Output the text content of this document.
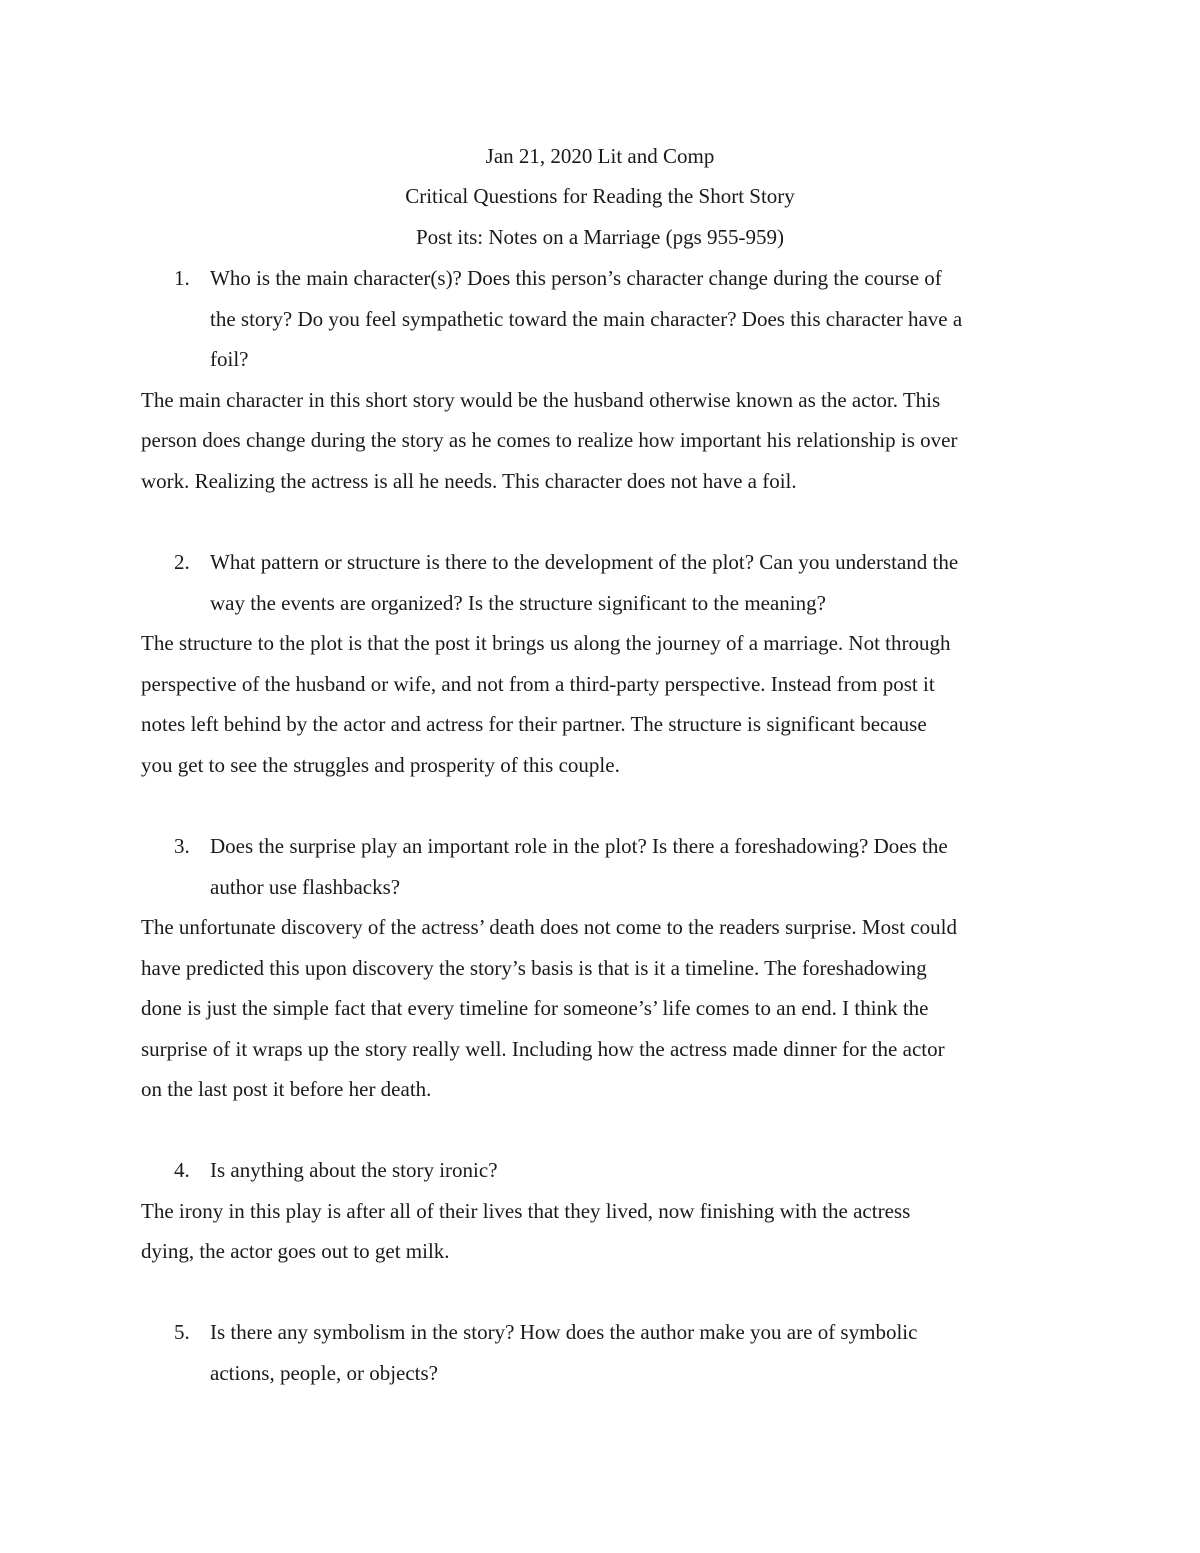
Jan 21, 2020 Lit and Comp
Critical Questions for Reading the Short Story
Post its: Notes on a Marriage (pgs 955-959)
1. Who is the main character(s)? Does this person’s character change during the course of
the story? Do you feel sympathetic toward the main character? Does this character have a
foil?
The main character in this short story would be the husband otherwise known as the actor. This
person does change during the story as he comes to realize how important his relationship is over
work. Realizing the actress is all he needs. This character does not have a foil.
2. What pattern or structure is there to the development of the plot? Can you understand the
way the events are organized? Is the structure significant to the meaning?
The structure to the plot is that the post it brings us along the journey of a marriage. Not through
perspective of the husband or wife, and not from a third-party perspective. Instead from post it
notes left behind by the actor and actress for their partner. The structure is significant because
you get to see the struggles and prosperity of this couple.
3. Does the surprise play an important role in the plot? Is there a foreshadowing? Does the
author use flashbacks?
The unfortunate discovery of the actress’ death does not come to the readers surprise. Most could
have predicted this upon discovery the story’s basis is that is it a timeline. The foreshadowing
done is just the simple fact that every timeline for someone’s’ life comes to an end. I think the
surprise of it wraps up the story really well. Including how the actress made dinner for the actor
on the last post it before her death.
4. Is anything about the story ironic?
The irony in this play is after all of their lives that they lived, now finishing with the actress
dying, the actor goes out to get milk.
5. Is there any symbolism in the story? How does the author make you are of symbolic
actions, people, or objects?
